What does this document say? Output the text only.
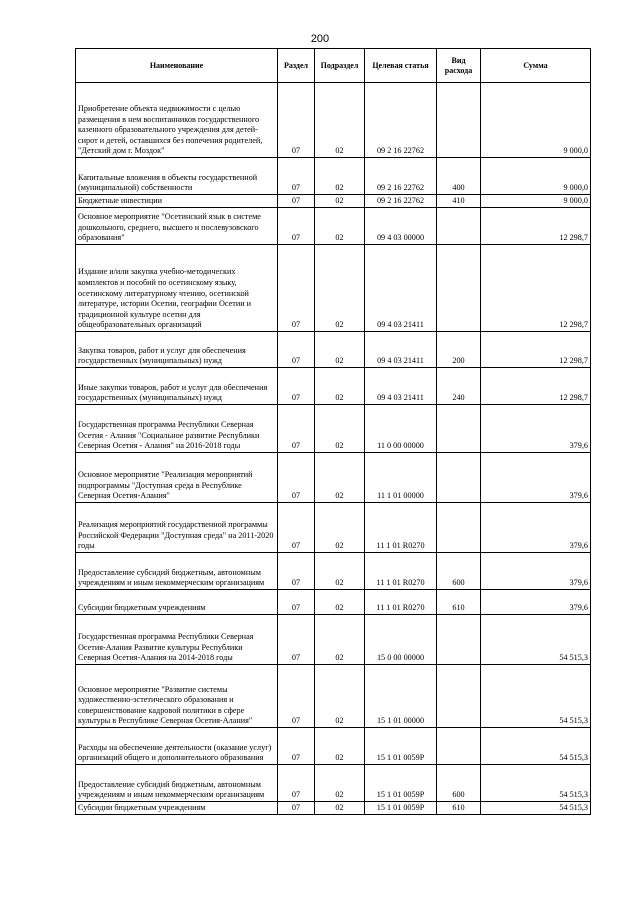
200
Наименование	Раздел	Подраздел	Целевая статья	Вид расхода	Сумма
Приобретение объекта недвижимости с целью размещения в нем воспитанников государственного казенного образовательного учреждения для детей-сирот и детей, оставшихся без попечения родителей, "Детский дом г. Моздок"	07	02	09 2 16 22762		9 000,0
Капитальные вложения в объекты государственной (муниципальной) собственности	07	02	09 2 16 22762	400	9 000,0
Бюджетные инвестиции	07	02	09 2 16 22762	410	9 000,0
Основное мероприятие "Осетинский язык в системе дошкольного, среднего, высшего и послевузовского образования"	07	02	09 4 03 00000		12 298,7
Издание и/или закупка учебно-методических комплектов и пособий по осетинскому языку, осетинскому литературному чтению, осетинской литературе, истории Осетии, географии Осетии и традиционной культуре осетин для общеобразовательных организаций	07	02	09 4 03 21411		12 298,7
Закупка товаров, работ и услуг для обеспечения государственных (муниципальных) нужд	07	02	09 4 03 21411	200	12 298,7
Иные закупки товаров, работ и услуг для обеспечения государственных (муниципальных) нужд	07	02	09 4 03 21411	240	12 298,7
Государственная программа Республики Северная Осетия - Алания "Социальное развитие Республики Северная Осетия - Алания" на 2016-2018 годы	07	02	11 0 00 00000		379,6
Основное мероприятие "Реализация мероприятий подпрограммы "Доступная среда в Республике Северная Осетия-Алания"	07	02	11 1 01 00000		379,6
Реализация мероприятий государственной программы Российской Федерации "Доступная среда" на 2011-2020 годы	07	02	11 1 01 R0270		379,6
Предоставление субсидий бюджетным, автономным учреждениям и иным некоммерческим организациям	07	02	11 1 01 R0270	600	379,6
Субсидии бюджетным учреждениям	07	02	11 1 01 R0270	610	379,6
Государственная программа Республики Северная Осетия-Алания Развитие культуры Республики Северная Осетия-Алания на 2014-2018 годы	07	02	15 0 00 00000		54 515,3
Основное мероприятие "Развитие системы художественно-эстетического образования и совершенствование кадровой политики в сфере культуры в Республике Северная Осетия-Алания"	07	02	15 1 01 00000		54 515,3
Расходы на обеспечение деятельности (оказание услуг) организаций общего и дополнительного образования	07	02	15 1 01 0059Р		54 515,3
Предоставление субсидий бюджетным, автономным учреждениям и иным некоммерческим организациям	07	02	15 1 01 0059Р	600	54 515,3
Субсидии бюджетным учреждениям	07	02	15 1 01 0059Р	610	54 515,3
